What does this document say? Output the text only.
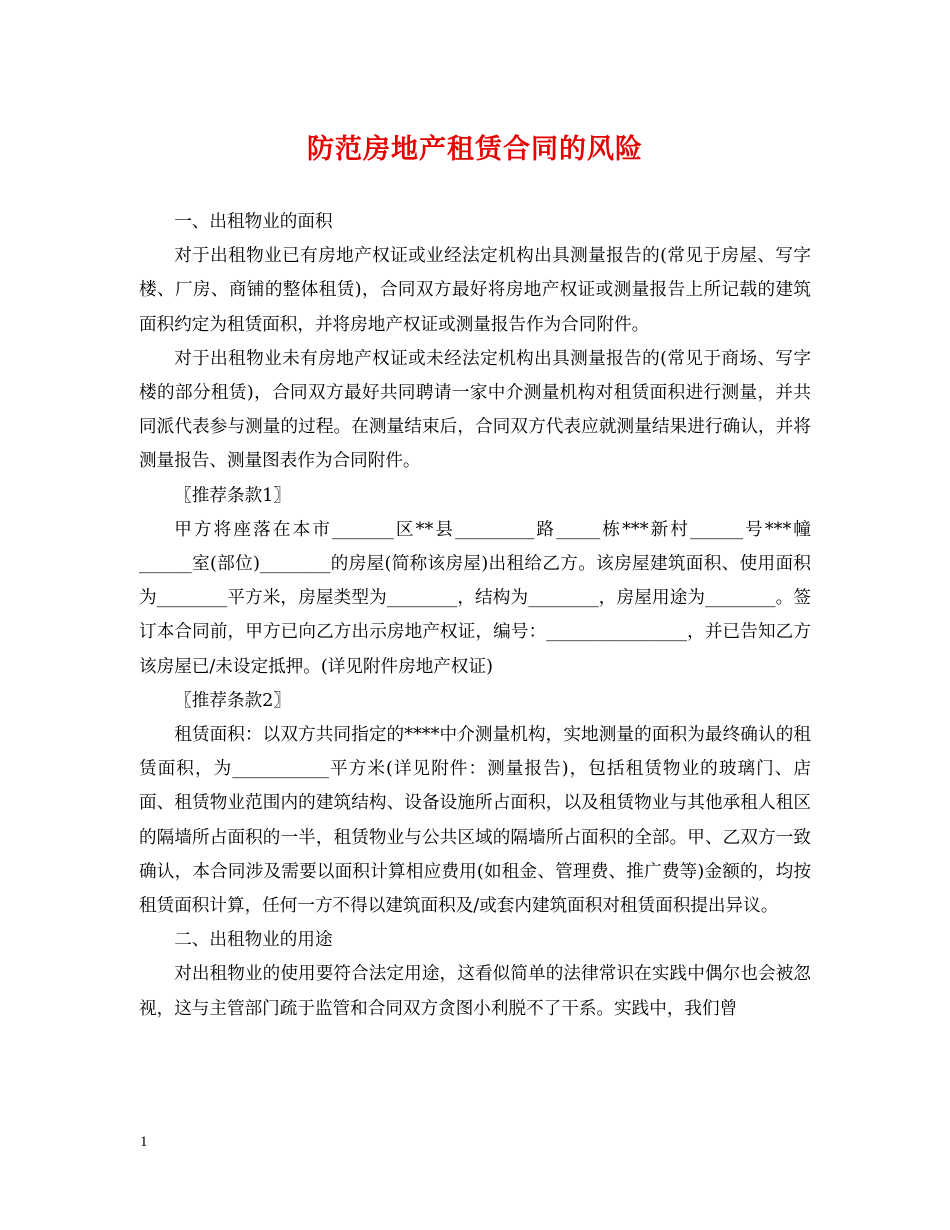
防范房地产租赁合同的风险

一、出租物业的面积

对于出租物业已有房地产权证或业经法定机构出具测量报告的(常见于房屋、写字楼、厂房、商铺的整体租赁)，合同双方最好将房地产权证或测量报告上所记载的建筑面积约定为租赁面积，并将房地产权证或测量报告作为合同附件。

对于出租物业未有房地产权证或未经法定机构出具测量报告的(常见于商场、写字楼的部分租赁)，合同双方最好共同聘请一家中介测量机构对租赁面积进行测量，并共同派代表参与测量的过程。在测量结束后，合同双方代表应就测量结果进行确认，并将测量报告、测量图表作为合同附件。

〖推荐条款1〗

甲方将座落在本市_______区**县_________路_____栋***新村______号***幢______室(部位)________的房屋(简称该房屋)出租给乙方。该房屋建筑面积、使用面积为________平方米，房屋类型为________，结构为________，房屋用途为________。签订本合同前，甲方已向乙方出示房地产权证，编号：________________，并已告知乙方该房屋已/未设定抵押。(详见附件房地产权证)

〖推荐条款2〗

租赁面积：以双方共同指定的****中介测量机构，实地测量的面积为最终确认的租赁面积，为___________平方米(详见附件：测量报告)，包括租赁物业的玻璃门、店面、租赁物业范围内的建筑结构、设备设施所占面积，以及租赁物业与其他承租人租区的隔墙所占面积的一半，租赁物业与公共区域的隔墙所占面积的全部。甲、乙双方一致确认，本合同涉及需要以面积计算相应费用(如租金、管理费、推广费等)金额的，均按租赁面积计算，任何一方不得以建筑面积及/或套内建筑面积对租赁面积提出异议。

二、出租物业的用途

对出租物业的使用要符合法定用途，这看似简单的法律常识在实践中偶尔也会被忽视，这与主管部门疏于监管和合同双方贪图小利脱不了干系。实践中，我们曾

1
